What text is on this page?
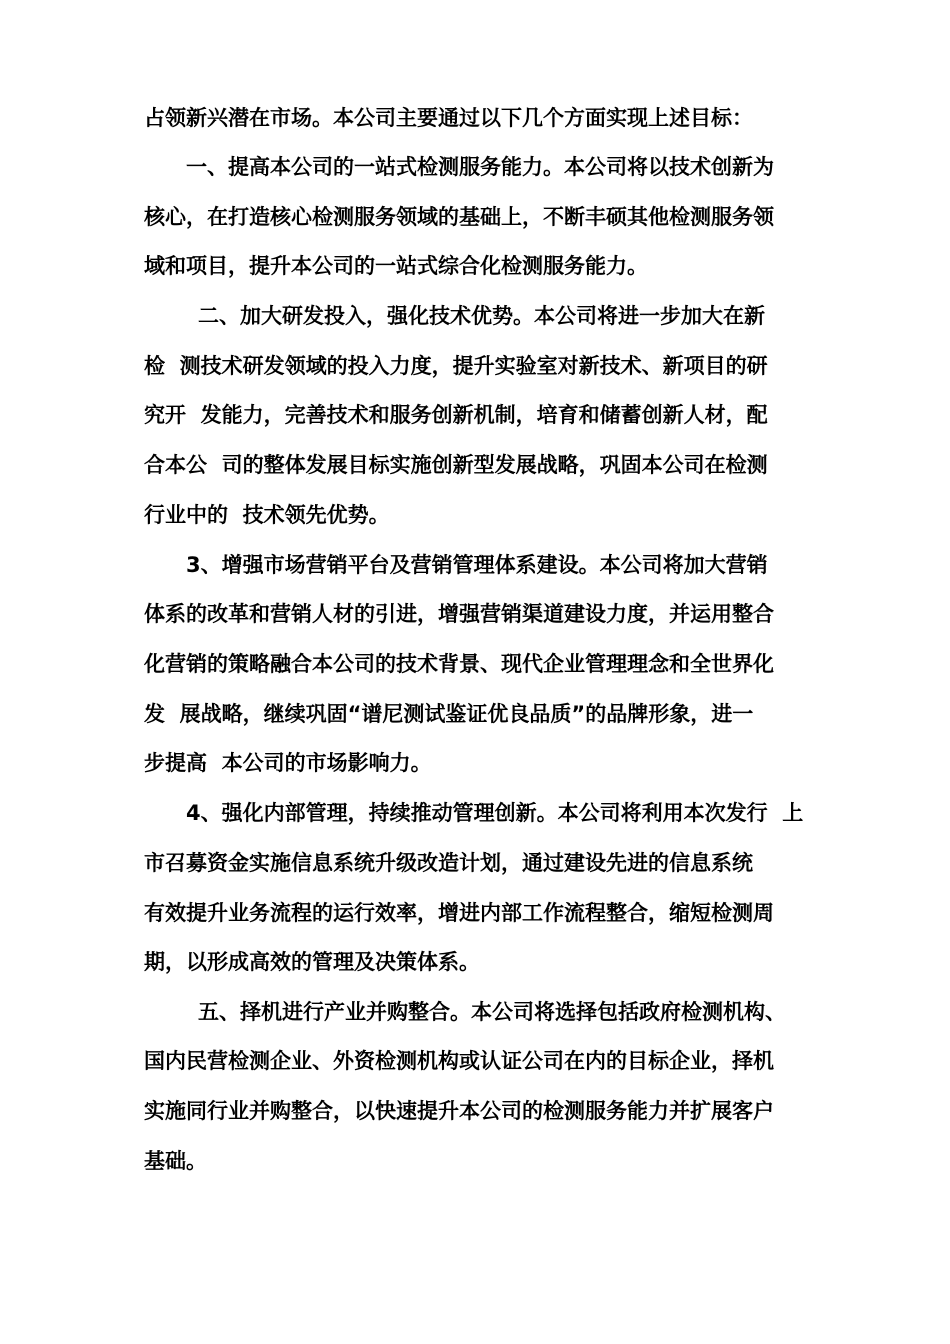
占领新兴潜在市场。本公司主要通过以下几个方面实现上述目标：
一、提高本公司的一站式检测服务能力。本公司将以技术创新为
核心，在打造核心检测服务领域的基础上，不断丰硕其他检测服务领
域和项目，提升本公司的一站式综合化检测服务能力。
二、加大研发投入，强化技术优势。本公司将进一步加大在新
检  测技术研发领域的投入力度，提升实验室对新技术、新项目的研
究开  发能力，完善技术和服务创新机制，培育和储蓄创新人材，配
合本公  司的整体发展目标实施创新型发展战略，巩固本公司在检测
行业中的  技术领先优势。
3、增强市场营销平台及营销管理体系建设。本公司将加大营销
体系的改革和营销人材的引进，增强营销渠道建设力度，并运用整合
化营销的策略融合本公司的技术背景、现代企业管理理念和全世界化
发  展战略，继续巩固“谱尼测试鉴证优良品质”的品牌形象，进一
步提高  本公司的市场影响力。
4、强化内部管理，持续推动管理创新。本公司将利用本次发行  上
市召募资金实施信息系统升级改造计划，通过建设先进的信息系统
有效提升业务流程的运行效率，增进内部工作流程整合，缩短检测周
期，以形成高效的管理及决策体系。
五、择机进行产业并购整合。本公司将选择包括政府检测机构、
国内民营检测企业、外资检测机构或认证公司在内的目标企业，择机
实施同行业并购整合，以快速提升本公司的检测服务能力并扩展客户
基础。
